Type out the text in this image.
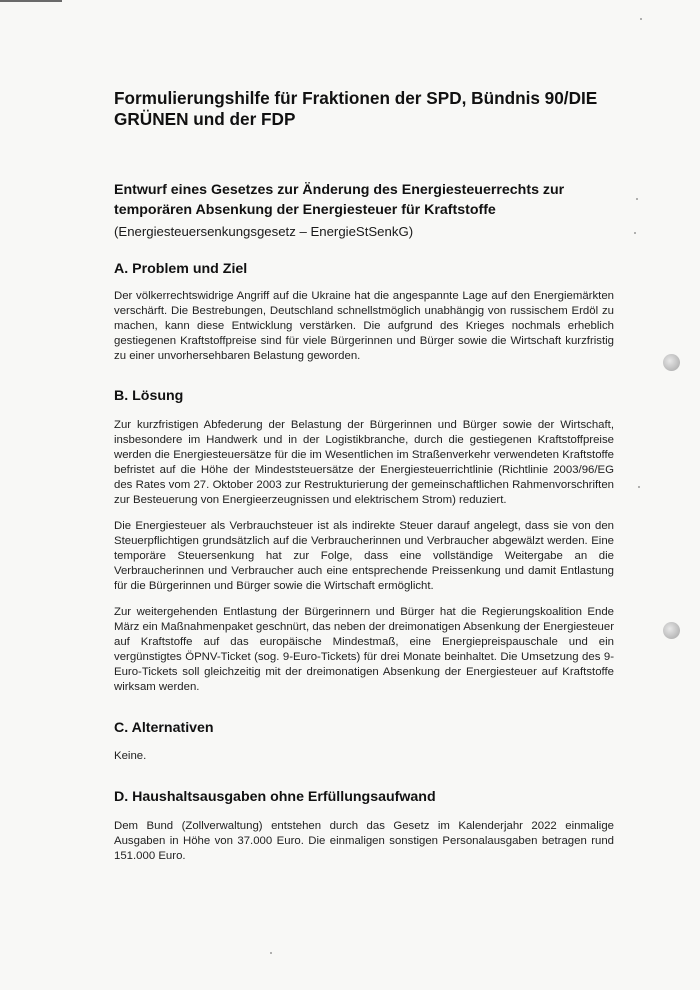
Formulierungshilfe für Fraktionen der SPD, Bündnis 90/DIE GRÜNEN und der FDP
Entwurf eines Gesetzes zur Änderung des Energiesteuerrechts zur temporären Absenkung der Energiesteuer für Kraftstoffe

(Energiesteuersenkungsgesetz – EnergieStSenkG)

A. Problem und Ziel

Der völkerrechtswidrige Angriff auf die Ukraine hat die angespannte Lage auf den Energiemärkten verschärft. Die Bestrebungen, Deutschland schnellstmöglich unabhängig von russischem Erdöl zu machen, kann diese Entwicklung verstärken. Die aufgrund des Krieges nochmals erheblich gestiegenen Kraftstoffpreise sind für viele Bürgerinnen und Bürger sowie die Wirtschaft kurzfristig zu einer unvorhersehbaren Belastung geworden.

B. Lösung

Zur kurzfristigen Abfederung der Belastung der Bürgerinnen und Bürger sowie der Wirtschaft, insbesondere im Handwerk und in der Logistikbranche, durch die gestiegenen Kraftstoffpreise werden die Energiesteuersätze für die im Wesentlichen im Straßenverkehr verwendeten Kraftstoffe befristet auf die Höhe der Mindeststeuersätze der Energiesteuerrichtlinie (Richtlinie 2003/96/EG des Rates vom 27. Oktober 2003 zur Restrukturierung der gemeinschaftlichen Rahmenvorschriften zur Besteuerung von Energieerzeugnissen und elektrischem Strom) reduziert.

Die Energiesteuer als Verbrauchsteuer ist als indirekte Steuer darauf angelegt, dass sie von den Steuerpflichtigen grundsätzlich auf die Verbraucherinnen und Verbraucher abgewälzt werden. Eine temporäre Steuersenkung hat zur Folge, dass eine vollständige Weitergabe an die Verbraucherinnen und Verbraucher auch eine entsprechende Preissenkung und damit Entlastung für die Bürgerinnen und Bürger sowie die Wirtschaft ermöglicht.

Zur weitergehenden Entlastung der Bürgerinnern und Bürger hat die Regierungskoalition Ende März ein Maßnahmenpaket geschnürt, das neben der dreimonatigen Absenkung der Energiesteuer auf Kraftstoffe auf das europäische Mindestmaß, eine Energiepreispauschale und ein vergünstigtes ÖPNV-Ticket (sog. 9-Euro-Tickets) für drei Monate beinhaltet. Die Umsetzung des 9-Euro-Tickets soll gleichzeitig mit der dreimonatigen Absenkung der Energiesteuer auf Kraftstoffe wirksam werden.

C. Alternativen

Keine.

D. Haushaltsausgaben ohne Erfüllungsaufwand

Dem Bund (Zollverwaltung) entstehen durch das Gesetz im Kalenderjahr 2022 einmalige Ausgaben in Höhe von 37.000 Euro. Die einmaligen sonstigen Personalausgaben betragen rund 151.000 Euro.
